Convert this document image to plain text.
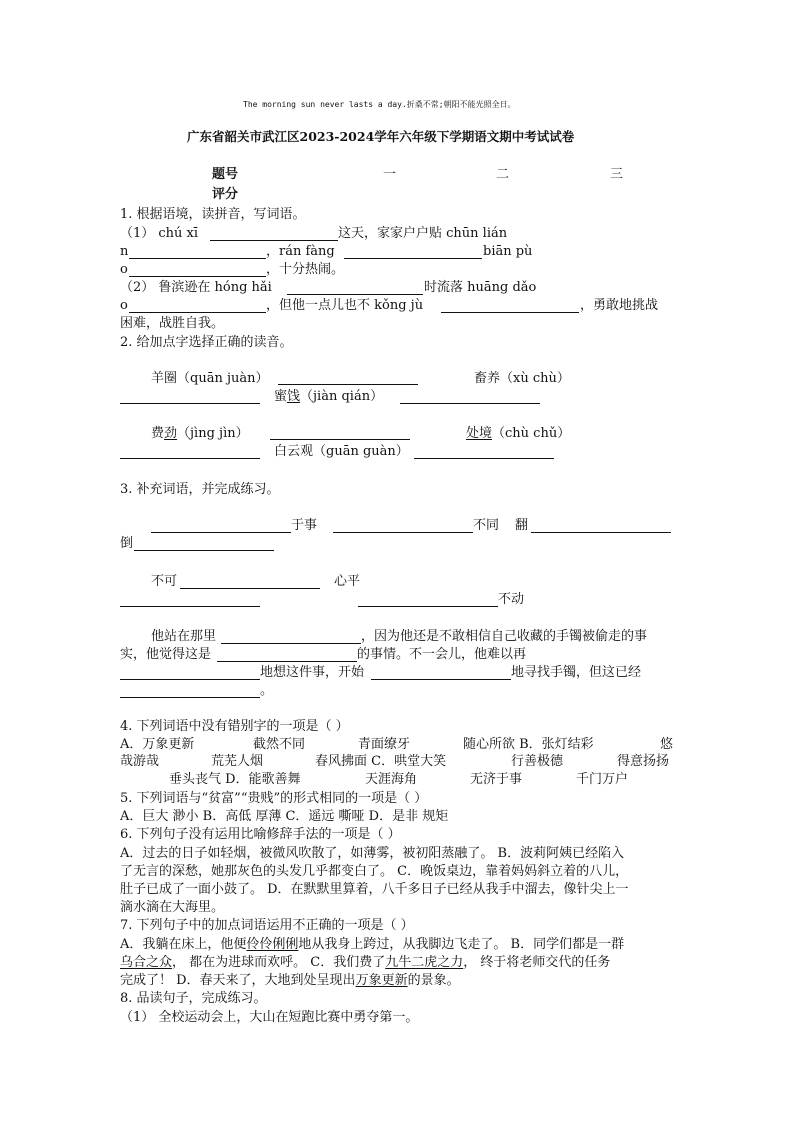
The morning sun never lasts a day.折桑不常;朝阳不能光照全日。
广东省韶关市武江区2023-2024学年六年级下学期语文期中考试试卷
题号	一	二	三
评分
1. 根据语境，读拼音，写词语。
（1） chú xī	这天，家家户户贴 chūn lián
n	，rán fàng	biān pù
o	，十分热闹。
（2） 鲁滨逊在 hóng hǎi	时流落 huāng dǎo
o	，但他一点儿也不 kǒng jù	，勇敢地挑战
困难，战胜自我。
2. 给加点字选择正确的读音。
羊圈（quān juàn）	畜养（xù chù）
蜜饯（jiàn qián）
费劲（jìng jìn）	处境（chù chǔ）
白云观（guān guàn）
3. 补充词语，并完成练习。
于事	不同 翻
倒
不可	心平
不动
他站在那里	，因为他还是不敢相信自己收藏的手镯被偷走的事
实，他觉得这是	的事情。不一会儿，他难以再
地想这件事，开始	地寻找手镯，但这已经
。
4. 下列词语中没有错别字的一项是（ ）
A．万象更新	截然不同	青面缭牙	随心所欲 B．张灯结彩	悠
哉游哉	荒芜人烟	春风拂面 C．哄堂大笑	行善极德	得意扬扬
垂头丧气 D．能歌善舞	天涯海角	无济于事	千门万户
5. 下列词语与“贫富”“贵贱”的形式相同的一项是（ ）
A．巨大 渺小 B．高低 厚薄 C．遥远 嘶哑 D．是非 规矩
6. 下列句子没有运用比喻修辞手法的一项是（ ）
A．过去的日子如轻烟，被微风吹散了，如薄雾，被初阳蒸融了。 B．波莉阿姨已经陷入
了无言的深愁，她那灰色的头发几乎都变白了。 C．晚饭桌边，靠着妈妈斜立着的八儿，
肚子已成了一面小鼓了。 D．在默默里算着，八千多日子已经从我手中溜去，像针尖上一
滴水滴在大海里。
7. 下列句子中的加点词语运用不正确的一项是（ ）
A．我躺在床上，他便伶伶俐俐地从我身上跨过，从我脚边飞走了。 B．同学们都是一群
乌合之众， 都在为进球而欢呼。 C．我们费了九牛二虎之力， 终于将老师交代的任务
完成了！ D．春天来了，大地到处呈现出万象更新的景象。
8. 品读句子，完成练习。
（1） 全校运动会上，大山在短跑比赛中勇夺第一。
